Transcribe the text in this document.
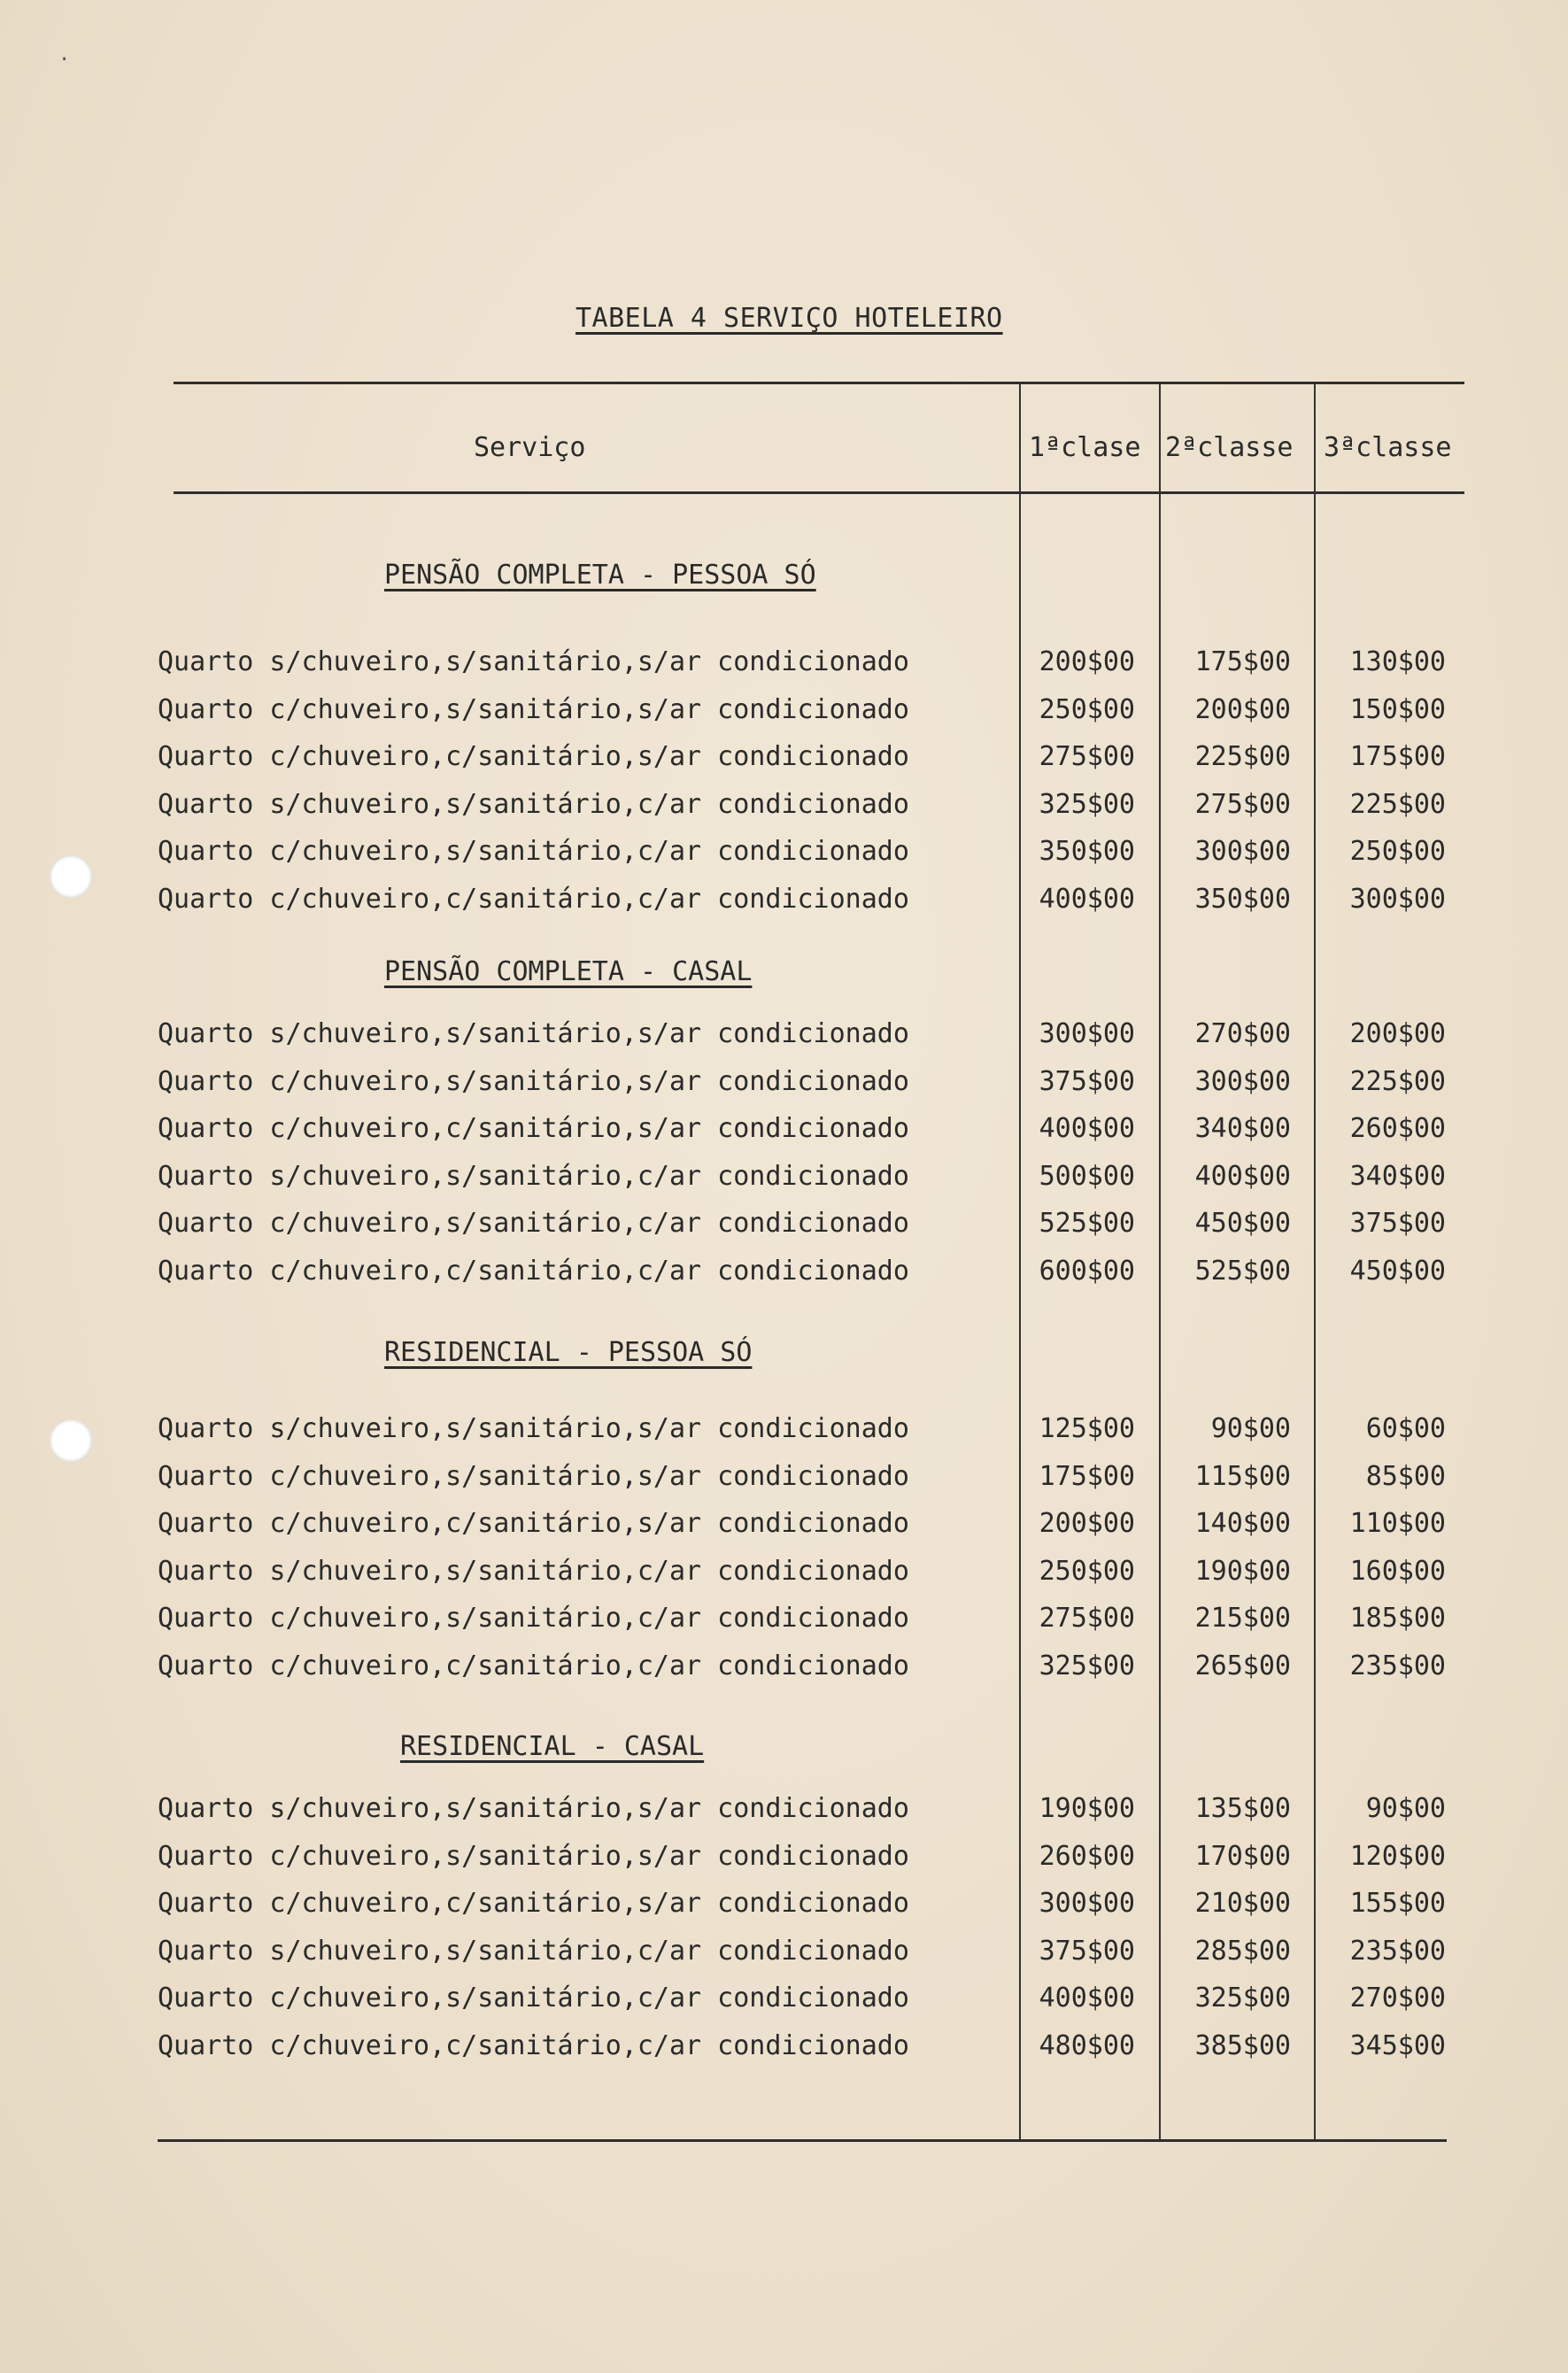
·
TABELA 4 SERVIÇO HOTELEIRO
Serviço	1ªclase 2ªclasse 3ªclasse
PENSÃO COMPLETA - PESSOA SÓ
Quarto s/chuveiro,s/sanitário,s/ar condicionado	200$00 175$00 130$00
Quarto c/chuveiro,s/sanitário,s/ar condicionado	250$00 200$00 150$00
Quarto c/chuveiro,c/sanitário,s/ar condicionado	275$00 225$00 175$00
Quarto s/chuveiro,s/sanitário,c/ar condicionado	325$00 275$00 225$00
Quarto c/chuveiro,s/sanitário,c/ar condicionado	350$00 300$00 250$00
Quarto c/chuveiro,c/sanitário,c/ar condicionado	400$00 350$00 300$00
PENSÃO COMPLETA - CASAL
Quarto s/chuveiro,s/sanitário,s/ar condicionado	300$00 270$00 200$00
Quarto c/chuveiro,s/sanitário,s/ar condicionado	375$00 300$00 225$00
Quarto c/chuveiro,c/sanitário,s/ar condicionado	400$00 340$00 260$00
Quarto s/chuveiro,s/sanitário,c/ar condicionado	500$00 400$00 340$00
Quarto c/chuveiro,s/sanitário,c/ar condicionado	525$00 450$00 375$00
Quarto c/chuveiro,c/sanitário,c/ar condicionado	600$00 525$00 450$00
RESIDENCIAL - PESSOA SÓ
Quarto s/chuveiro,s/sanitário,s/ar condicionado	125$00	90$00	60$00
Quarto c/chuveiro,s/sanitário,s/ar condicionado	175$00 115$00	85$00
Quarto c/chuveiro,c/sanitário,s/ar condicionado	200$00 140$00 110$00
Quarto s/chuveiro,s/sanitário,c/ar condicionado	250$00 190$00 160$00
Quarto c/chuveiro,s/sanitário,c/ar condicionado	275$00 215$00 185$00
Quarto c/chuveiro,c/sanitário,c/ar condicionado	325$00 265$00 235$00
RESIDENCIAL - CASAL
Quarto s/chuveiro,s/sanitário,s/ar condicionado	190$00 135$00	90$00
Quarto c/chuveiro,s/sanitário,s/ar condicionado	260$00 170$00 120$00
Quarto c/chuveiro,c/sanitário,s/ar condicionado	300$00 210$00 155$00
Quarto s/chuveiro,s/sanitário,c/ar condicionado	375$00 285$00 235$00
Quarto c/chuveiro,s/sanitário,c/ar condicionado	400$00 325$00 270$00
Quarto c/chuveiro,c/sanitário,c/ar condicionado	480$00 385$00 345$00
